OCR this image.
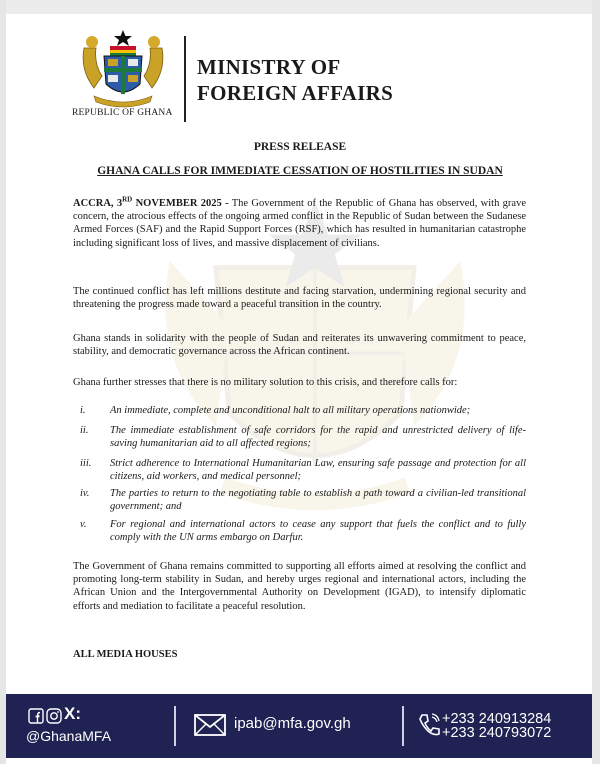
REPUBLIC OF GHANA
MINISTRY OF
FOREIGN AFFAIRS
PRESS RELEASE
GHANA CALLS FOR IMMEDIATE CESSATION OF HOSTILITIES IN SUDAN
ACCRA, 3RD NOVEMBER 2025 - The Government of the Republic of Ghana has observed, with grave concern, the atrocious effects of the ongoing armed conflict in the Republic of Sudan between the Sudanese Armed Forces (SAF) and the Rapid Support Forces (RSF), which has resulted in humanitarian catastrophe including significant loss of lives, and massive displacement of civilians.
The continued conflict has left millions destitute and facing starvation, undermining regional security and threatening the progress made toward a peaceful transition in the country.
Ghana stands in solidarity with the people of Sudan and reiterates its unwavering commitment to peace, stability, and democratic governance across the African continent.
Ghana further stresses that there is no military solution to this crisis, and therefore calls for:
i.	An immediate, complete and unconditional halt to all military operations nationwide;
ii.	The immediate establishment of safe corridors for the rapid and unrestricted delivery of life-saving humanitarian aid to all affected regions;
iii.	Strict adherence to International Humanitarian Law, ensuring safe passage and protection for all citizens, aid workers, and medical personnel;
iv.	The parties to return to the negotiating table to establish a path toward a civilian-led transitional government; and
v.	For regional and international actors to cease any support that fuels the conflict and to fully comply with the UN arms embargo on Darfur.
The Government of Ghana remains committed to supporting all efforts aimed at resolving the conflict and promoting long-term stability in Sudan, and hereby urges regional and international actors, including the African Union and the Intergovernmental Authority on Development (IGAD), to intensify diplomatic efforts and mediation to facilitate a peaceful resolution.
ALL MEDIA HOUSES
X:
@GhanaMFA
ipab@mfa.gov.gh	+233 240913284
+233 240793072
